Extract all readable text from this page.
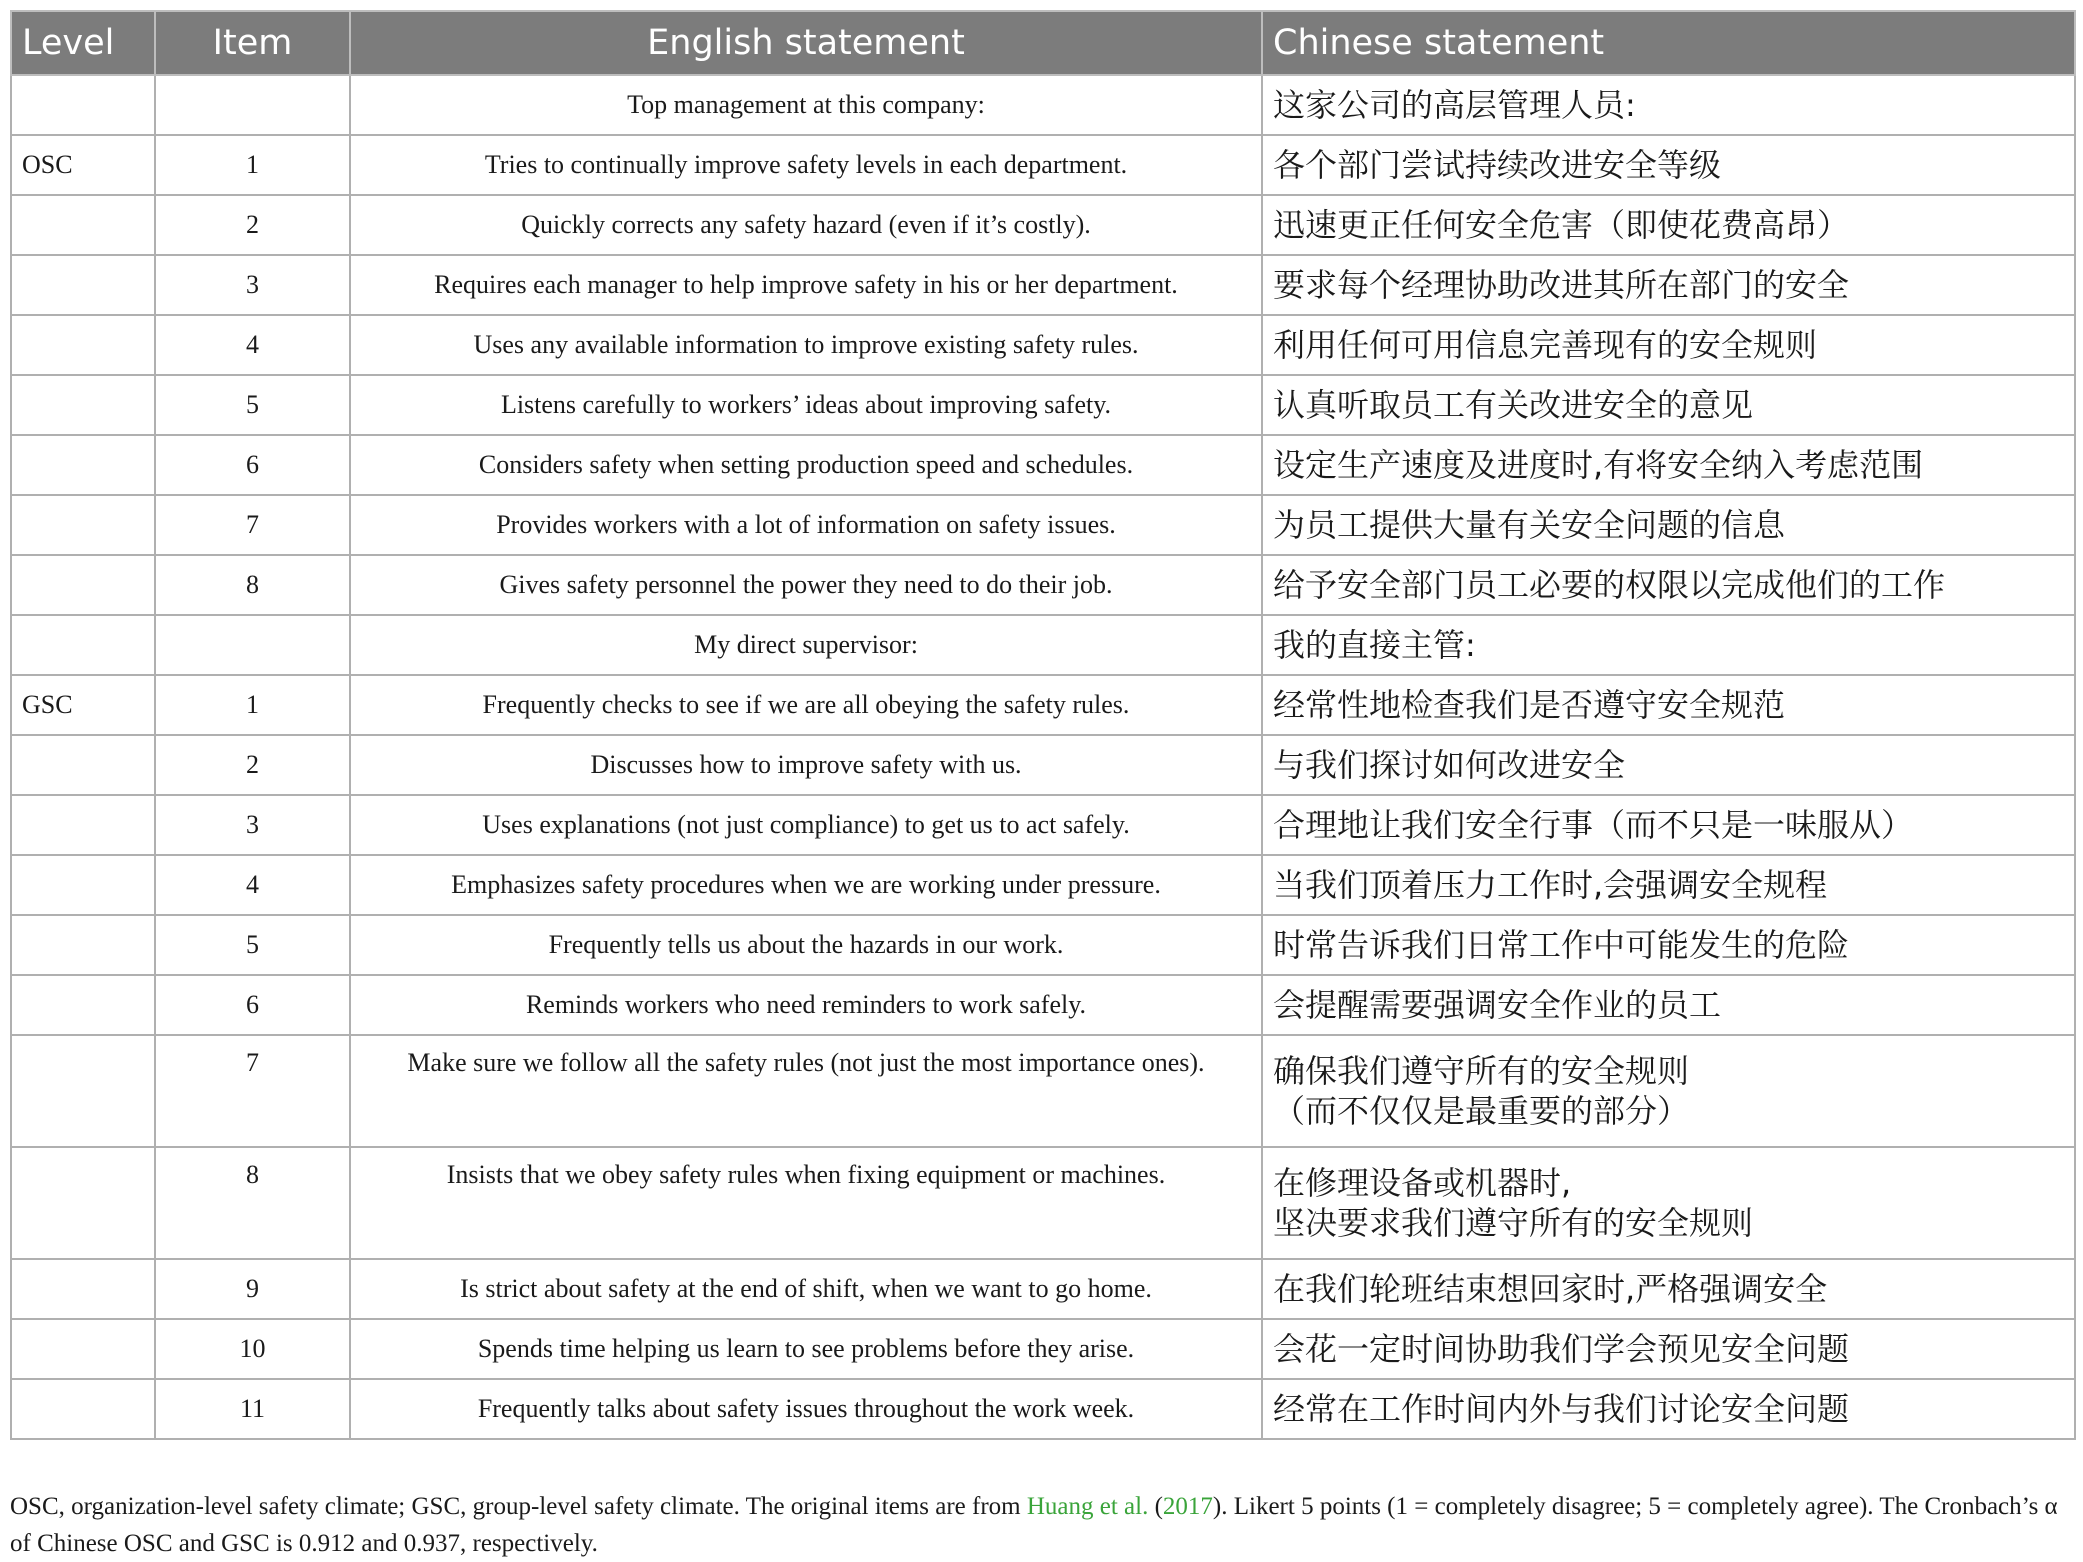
Level	Item	English statement	Chinese statement
		Top management at this company:	这家公司的高层管理人员:

OSC	1	Tries to continually improve safety levels in each department.	各个部门尝试持续改进安全等级

	2	Quickly corrects any safety hazard (even if it’s costly).	迅速更正任何安全危害（即使花费高昂）

	3	Requires each manager to help improve safety in his or her department.	要求每个经理协助改进其所在部门的安全

	4	Uses any available information to improve existing safety rules.	利用任何可用信息完善现有的安全规则

	5	Listens carefully to workers’ ideas about improving safety.	认真听取员工有关改进安全的意见

	6	Considers safety when setting production speed and schedules.	设定生产速度及进度时,有将安全纳入考虑范围

	7	Provides workers with a lot of information on safety issues.	为员工提供大量有关安全问题的信息

	8	Gives safety personnel the power they need to do their job.	给予安全部门员工必要的权限以完成他们的工作

		My direct supervisor:	我的直接主管:

GSC	1	Frequently checks to see if we are all obeying the safety rules.	经常性地检查我们是否遵守安全规范

	2	Discusses how to improve safety with us.	与我们探讨如何改进安全

	3	Uses explanations (not just compliance) to get us to act safely.	合理地让我们安全行事（而不只是一味服从）

	4	Emphasizes safety procedures when we are working under pressure.	当我们顶着压力工作时,会强调安全规程

	5	Frequently tells us about the hazards in our work.	时常告诉我们日常工作中可能发生的危险

	6	Reminds workers who need reminders to work safely.	会提醒需要强调安全作业的员工

	7	Make sure we follow all the safety rules (not just the most importance ones).	确保我们遵守所有的安全规则
（而不仅仅是最重要的部分）

	8	Insists that we obey safety rules when fixing equipment or machines.	在修理设备或机器时,
坚决要求我们遵守所有的安全规则

	9	Is strict about safety at the end of shift, when we want to go home.	在我们轮班结束想回家时,严格强调安全

	10	Spends time helping us learn to see problems before they arise.	会花一定时间协助我们学会预见安全问题

	11	Frequently talks about safety issues throughout the work week.	经常在工作时间内外与我们讨论安全问题
OSC, organization-level safety climate; GSC, group-level safety climate. The original items are from Huang et al. (2017). Likert 5 points (1 = completely disagree; 5 = completely agree). The Cronbach’s α of Chinese OSC and GSC is 0.912 and 0.937, respectively.
